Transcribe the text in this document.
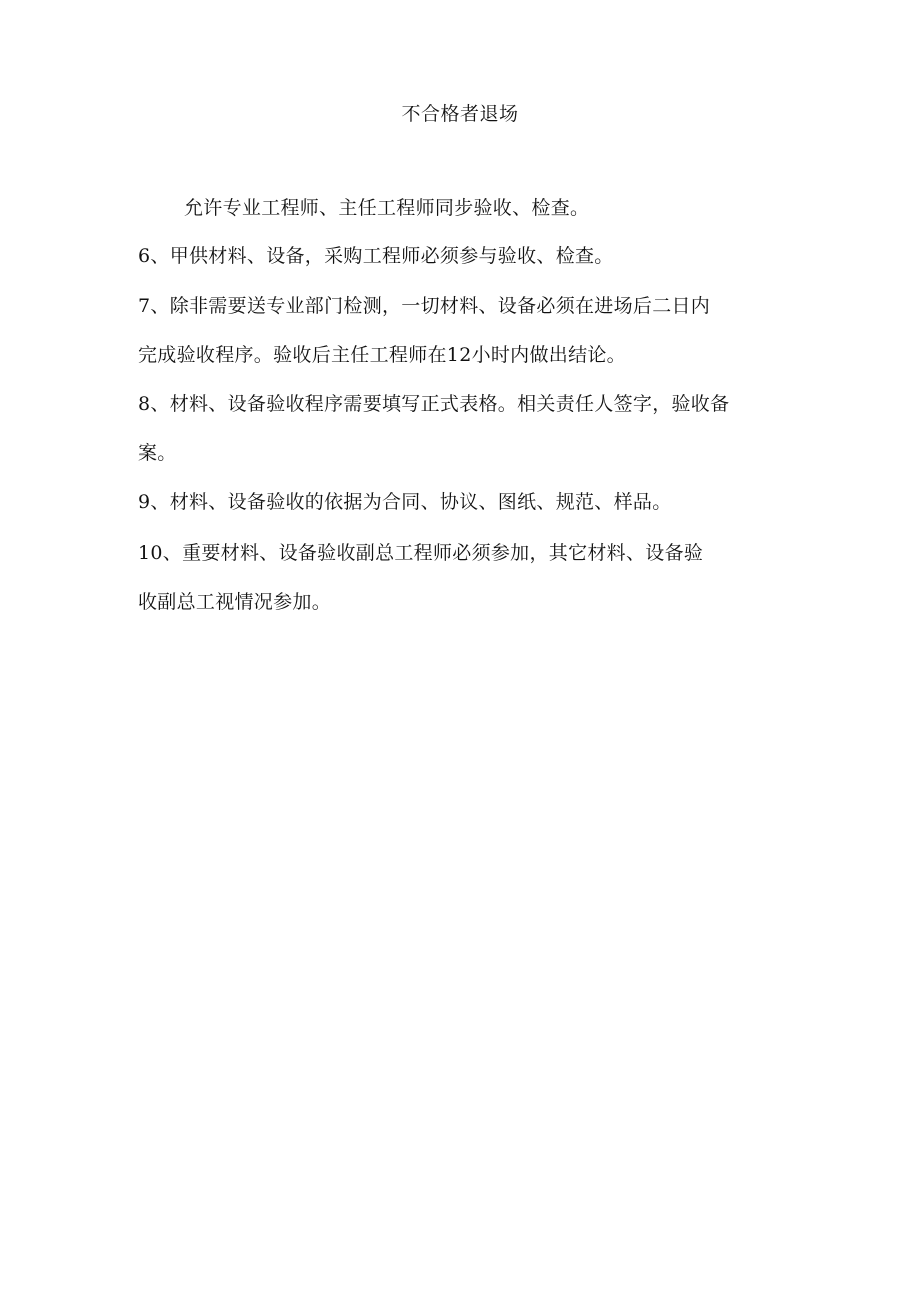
不合格者退场
允许专业工程师、主任工程师同步验收、检查。
6、甲供材料、设备，采购工程师必须参与验收、检查。
7、除非需要送专业部门检测，一切材料、设备必须在进场后二日内
完成验收程序。验收后主任工程师在12小时内做出结论。
8、材料、设备验收程序需要填写正式表格。相关责任人签字，验收备
案。
9、材料、设备验收的依据为合同、协议、图纸、规范、样品。
10、重要材料、设备验收副总工程师必须参加，其它材料、设备验
收副总工视情况参加。
